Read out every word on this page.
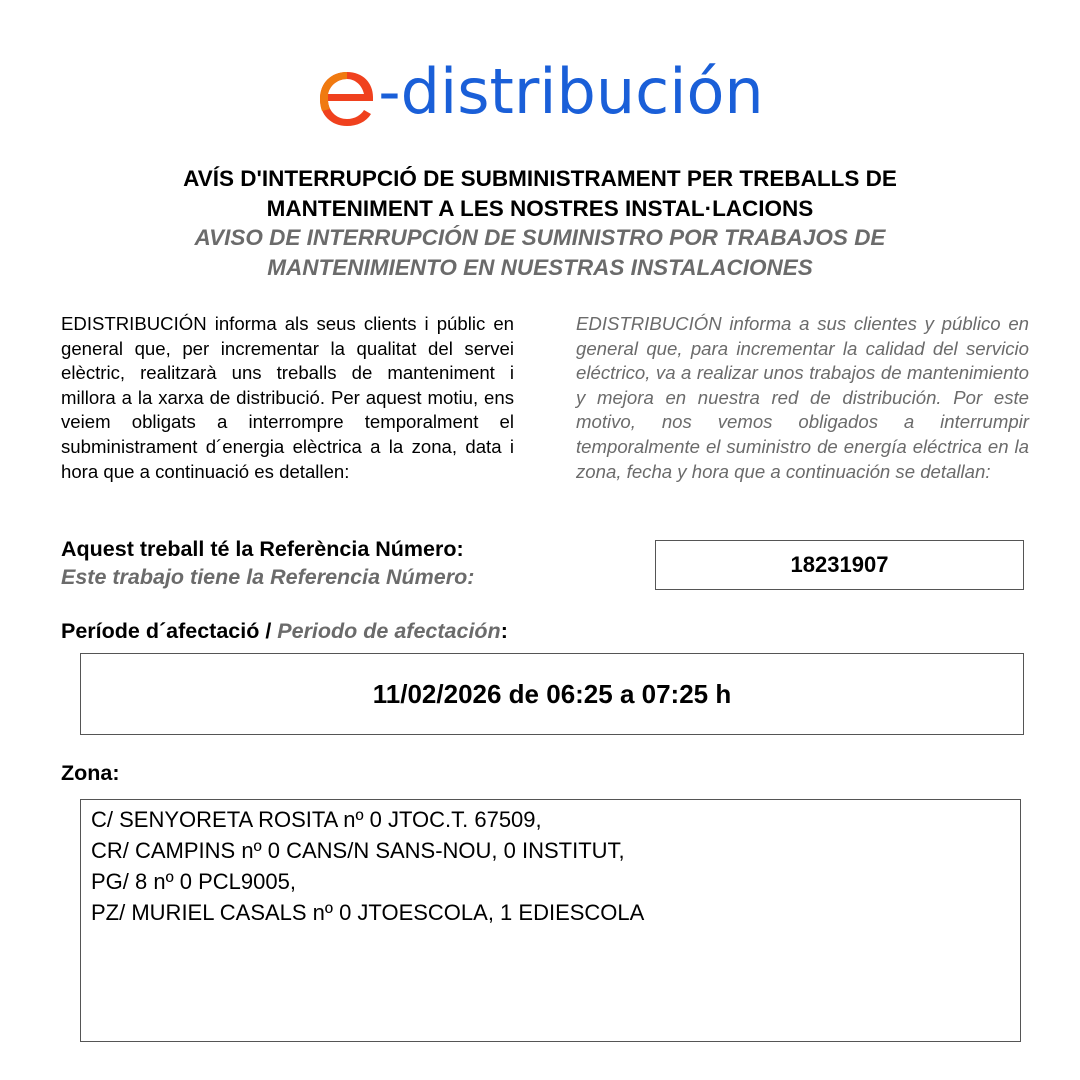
-distribución
AVÍS D'INTERRUPCIÓ DE SUBMINISTRAMENT PER TREBALLS DE
MANTENIMENT A LES NOSTRES INSTAL·LACIONS
AVISO DE INTERRUPCIÓN DE SUMINISTRO POR TRABAJOS DE
MANTENIMIENTO EN NUESTRAS INSTALACIONES

EDISTRIBUCIÓN informa als seus clients i públic en general que, per incrementar la qualitat del servei elèctric, realitzarà uns treballs de manteniment i millora a la xarxa de distribució. Per aquest motiu, ens veiem obligats a interrompre temporalment el subministrament d´energia elèctrica a la zona, data i hora que a continuació es detallen:

EDISTRIBUCIÓN informa a sus clientes y público en general que, para incrementar la calidad del servicio eléctrico, va a realizar unos trabajos de mantenimiento y mejora en nuestra red de distribución. Por este motivo, nos vemos obligados a interrumpir temporalmente el suministro de energía eléctrica en la zona, fecha y hora que a continuación se detallan:

Aquest treball té la Referència Número:
Este trabajo tiene la Referencia Número:	18231907
Període d´afectació / Periodo de afectación:
11/02/2026 de 06:25 a 07:25 h
Zona:
C/ SENYORETA ROSITA nº 0 JTOC.T. 67509,
CR/ CAMPINS nº 0 CANS/N SANS-NOU, 0 INSTITUT,
PG/ 8 nº 0 PCL9005,
PZ/ MURIEL CASALS nº 0 JTOESCOLA, 1 EDIESCOLA
